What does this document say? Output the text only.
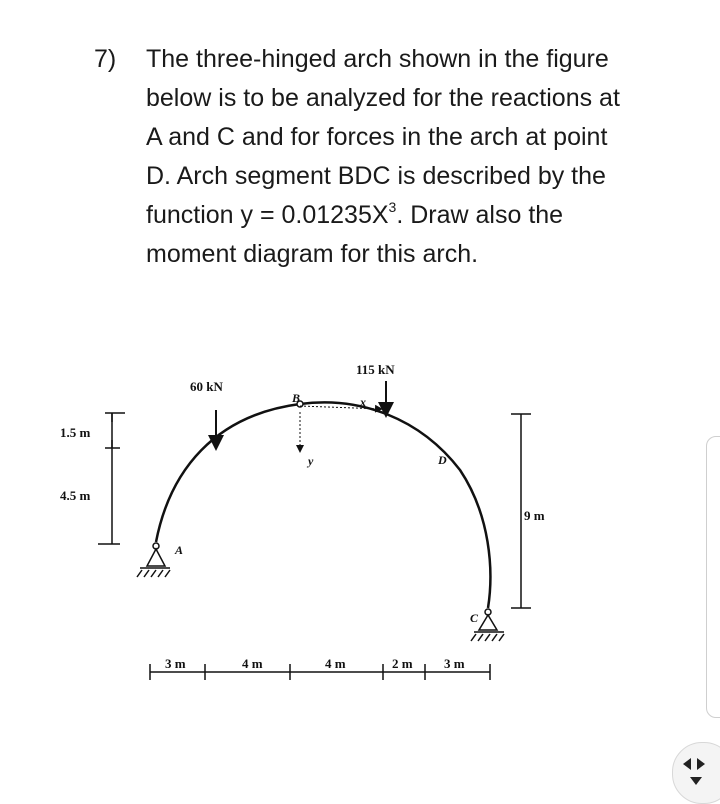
7) The three-hinged arch shown in the figure
below is to be analyzed for the reactions at
A and C and for forces in the arch at point
D. Arch segment BDC is described by the
function $y = 0.01235X^3$. Draw also the
moment diagram for this arch.
60 kN
115 kN
x
y
B
D
A
C
1.5 m
4.5 m
9 m
3 m	4 m	4 m	2 m 3 m
